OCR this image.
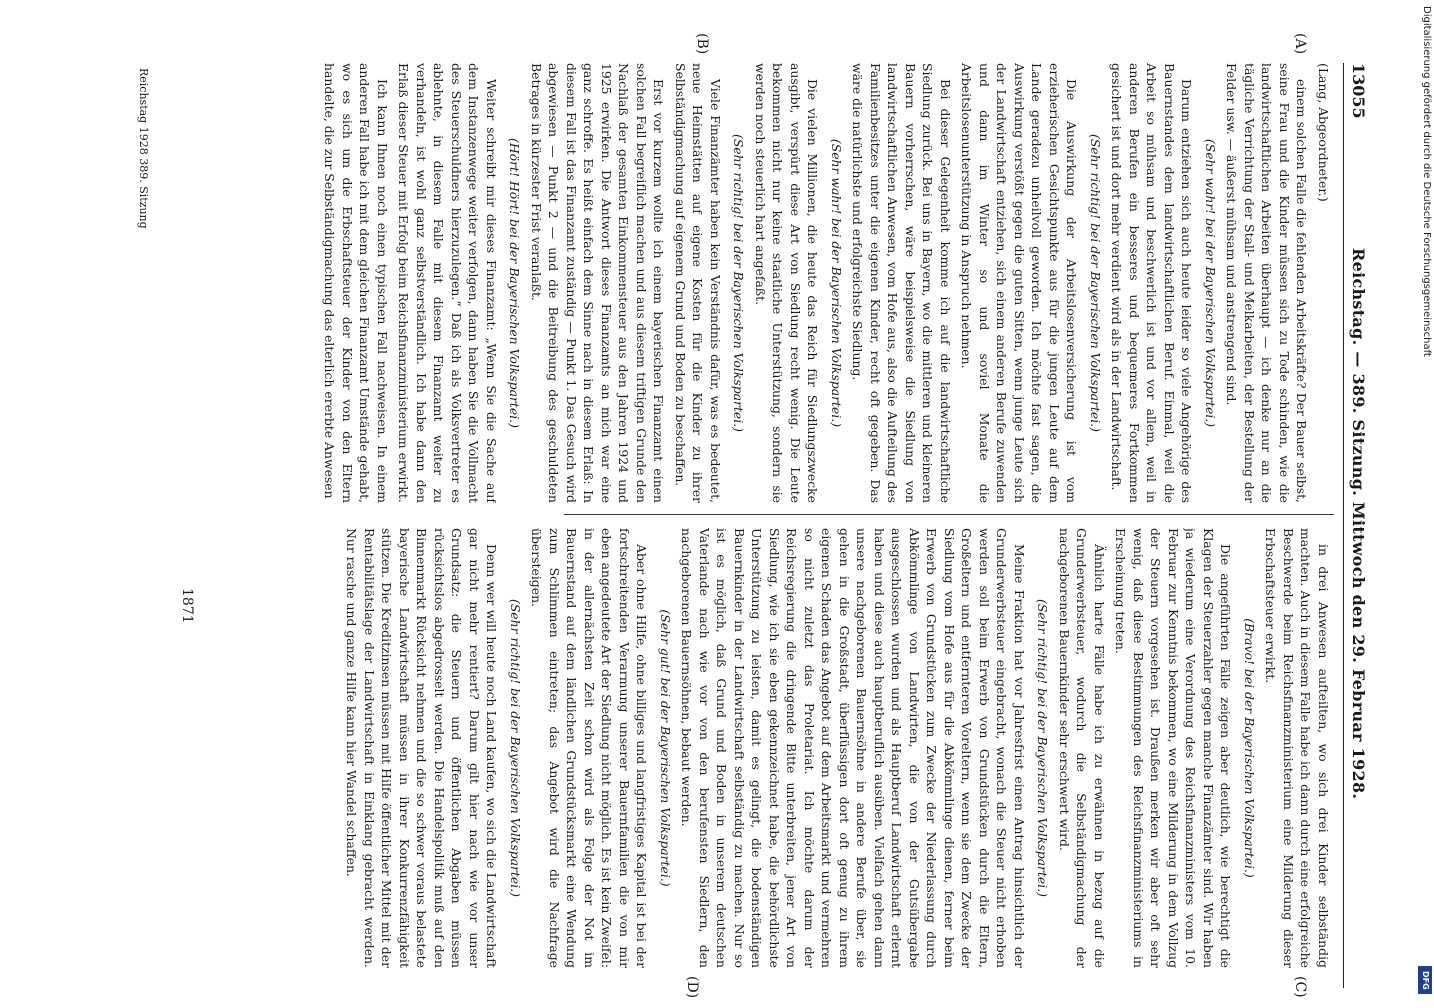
13055
Reichstag. — 389. Sitzung. Mittwoch den 29. Februar 1928.
(A)
(B)
(C)
(D)

(Lang, Abgeordneter.)

einem solchen Falle die fehlenden Arbeitskräfte? Der Bauer selbst, seine Frau und die Kinder müssen sich zu Tode schinden, wie die landwirtschaftlichen Arbeiten überhaupt — ich denke nur an die tägliche Verrichtung der Stall- und Melkarbeiten, der Bestellung der Felder usw. — äußerst mühsam und anstrengend sind.

(Sehr wahr! bei der Bayerischen Volkspartei.)

Darum entziehen sich auch heute leider so viele Angehörige des Bauernstandes dem landwirtschaftlichen Beruf. Einmal, weil die Arbeit so mühsam und beschwerlich ist und vor allem, weil in anderen Berufen ein besseres und bequemeres Fortkommen gesichert ist und dort mehr verdient wird als in der Landwirtschaft.

(Sehr richtig! bei der Bayerischen Volkspartei.)

Die Auswirkung der Arbeitslosenversicherung ist vom erzieherischen Gesichtspunkte aus für die jungen Leute auf dem Lande geradezu unheilvoll geworden. Ich möchte fast sagen, die Auswirkung verstößt gegen die guten Sitten, wenn junge Leute sich der Landwirtschaft entziehen, sich einem anderen Berufe zuwenden und dann im Winter so und soviel Monate die Arbeitslosenunterstützung in Anspruch nehmen.

Bei dieser Gelegenheit komme ich auf die landwirtschaftliche Siedlung zurück. Bei uns in Bayern, wo die mittleren und kleineren Bauern vorherrschen, wäre beispielsweise die Siedlung von landwirtschaftlichen Anwesen, vom Hofe aus, also die Aufteilung des Familienbesitzes unter die eigenen Kinder, recht oft gegeben. Das wäre die natürlichste und erfolgreichste Siedlung.

(Sehr wahr! bei der Bayerischen Volkspartei.)

Die vielen Millionen, die heute das Reich für Siedlungszwecke ausgibt, verspürt diese Art von Siedlung recht wenig. Die Leute bekommen nicht nur keine staatliche Unterstützung, sondern sie werden noch steuerlich hart angefaßt.

(Sehr richtig! bei der Bayerischen Volkspartei.)

Viele Finanzämter haben kein Verständnis dafür, was es bedeutet, neue Heimstätten auf eigene Kosten für die Kinder zu ihrer Selbständigmachung auf eigenem Grund und Boden zu beschaffen.

Erst vor kurzem wollte ich einem bayerischen Finanzamt einen solchen Fall begreiflich machen und aus diesem triftigen Grunde den Nachlaß der gesamten Einkommensteuer aus den Jahren 1924 und 1925 erwirken. Die Antwort dieses Finanzamts an mich war eine ganz schroffe. Es heißt einfach dem Sinne nach in diesem Erlaß: In diesem Fall ist das Finanzamt zuständig — Punkt 1. Das Gesuch wird abgewiesen — Punkt 2 — und die Beitreibung des geschuldeten Betrages in kürzester Frist veranlaßt.

(Hört! Hört! bei der Bayerischen Volkspartei.)

Weiter schreibt mir dieses Finanzamt: „Wenn Sie die Sache auf dem Instanzenwege weiter verfolgen, dann haben Sie die Vollmacht des Steuerschuldners hierzuzulegen.“ Daß ich als Volksvertreter es ablehnte, in diesem Falle mit diesem Finanzamt weiter zu verhandeln, ist wohl ganz selbstverständlich. Ich habe dann den Erlaß dieser Steuer mit Erfolg beim Reichsfinanzministerium erwirkt.

Ich kann Ihnen noch einen typischen Fall nachweisen. In einem anderen Fall habe ich mit dem gleichen Finanzamt Umstände gehabt, wo es sich um die Erbschaftsteuer der Kinder von den Eltern handelte, die zur Selbständigmachung das elterlich ererbte Anwesen

in drei Anwesen aufteilten, wo sich drei Kinder selbständig machten. Auch in diesem Falle habe ich dann durch eine erfolgreiche Beschwerde beim Reichsfinanzministerium eine Milderung dieser Erbschaftsteuer erwirkt.

(Bravo! bei der Bayerischen Volkspartei.)

Die angeführten Fälle zeigen aber deutlich, wie berechtigt die Klagen der Steuerzahler gegen manche Finanzämter sind. Wir haben ja wiederum eine Verordnung des Reichsfinanzministers vom 10. Februar zur Kenntnis bekommen, wo eine Milderung in dem Vollzug der Steuern vorgesehen ist. Draußen merken wir aber oft sehr wenig, daß diese Bestimmungen des Reichsfinanzministeriums in Erscheinung treten.

Ähnlich harte Fälle habe ich zu erwähnen in bezug auf die Grunderwerbsteuer, wodurch die Selbständigmachung der nachgeborenen Bauernkinder sehr erschwert wird.

(Sehr richtig! bei der Bayerischen Volkspartei.)

Meine Fraktion hat vor Jahresfrist einen Antrag hinsichtlich der Grunderwerbsteuer eingebracht, wonach die Steuer nicht erhoben werden soll beim Erwerb von Grundstücken durch die Eltern, Großeltern und entfernteren Voreltern, wenn sie dem Zwecke der Siedlung vom Hofe aus für die Abkömmlinge dienen, ferner beim Erwerb von Grundstücken zum Zwecke der Niederlassung durch Abkömmlinge von Landwirten, die von der Gutsübergabe ausgeschlossen wurden und als Hauptberuf Landwirtschaft erlernt haben und diese auch hauptberuflich ausüben. Vielfach gehen dann unsere nachgeborenen Bauernsöhne in andere Berufe über, sie gehen in die Großstadt, überflüssigen dort oft genug zu ihrem eigenen Schaden das Angebot auf dem Arbeitsmarkt und vermehren so nicht zuletzt das Proletariat. Ich möchte darum der Reichsregierung die dringende Bitte unterbreiten, jener Art von Siedlung, wie ich sie eben gekennzeichnet habe, die behördlichste Unterstützung zu leisten, damit es gelingt, die bodenständigen Bauernkinder in der Landwirtschaft selbständig zu machen. Nur so ist es möglich, daß Grund und Boden in unserem deutschen Vaterlande nach wie vor von den berufensten Siedlern, den nachgeborenen Bauernsöhnen, bebaut werden.

(Sehr gut! bei der Bayerischen Volkspartei.)

Aber ohne Hilfe, ohne billiges und langfristiges Kapital ist bei der fortschreitenden Verarmung unserer Bauernfamilien die von mir eben angedeutete Art der Siedlung nicht möglich. Es ist kein Zweifel: in der allernächsten Zeit schon wird als Folge der Not im Bauernstand auf dem ländlichen Grundstücksmarkt eine Wendung zum Schlimmen eintreten; das Angebot wird die Nachfrage übersteigen.

(Sehr richtig! bei der Bayerischen Volkspartei.)

Denn wer will heute noch Land kaufen, wo sich die Landwirtschaft gar nicht mehr rentiert? Darum gilt hier nach wie vor unser Grundsatz: die Steuern und öffentlichen Abgaben müssen rücksichtslos abgedrosselt werden. Die Handelspolitik muß auf den Binnenmarkt Rücksicht nehmen und die so schwer voraus belastete bayerische Landwirtschaft müssen in ihrer Konkurrenzfähigkeit stützen. Die Kreditzinsen müssen mit Hilfe öffentlicher Mittel mit der Rentabilitätslage der Landwirtschaft in Einklang gebracht werden. Nur rasche und ganze Hilfe kann hier Wandel schaffen.

1871
Reichstag 1928 389. Sitzung	Digitalisierung gefördert durch die Deutsche Forschungsgemeinschaft
DFG
